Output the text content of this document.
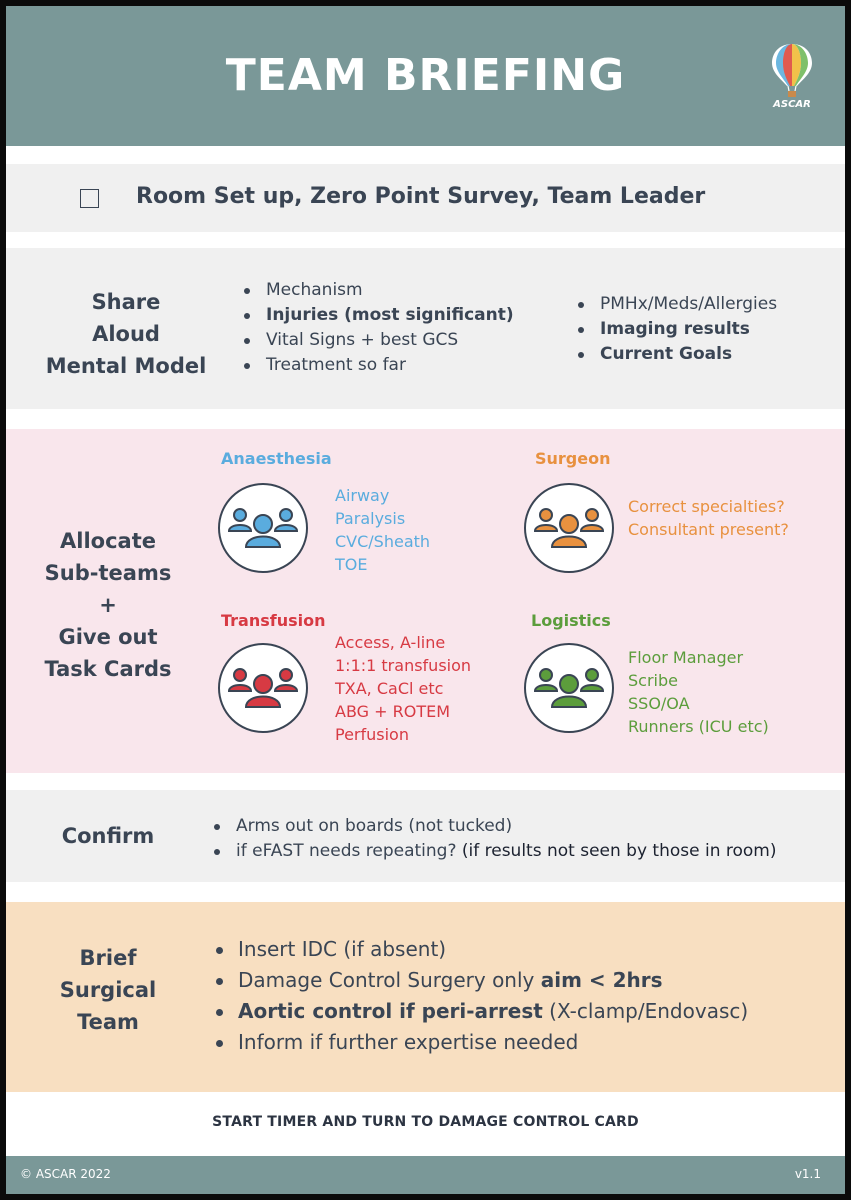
TEAM BRIEFING
ASCAR
Room Set up, Zero Point Survey, Team Leader
Share
Aloud
Mental Model
Mechanism
Injuries (most significant)
Vital Signs + best GCS
Treatment so far
PMHx/Meds/Allergies
Imaging results
Current Goals
Allocate
Sub-teams
+
Give out
Task Cards
Anaesthesia
Airway
Paralysis
CVC/Sheath
TOE
Surgeon
Correct specialties?
Consultant present?
Transfusion
Access, A-line
1:1:1 transfusion
TXA, CaCl etc
ABG + ROTEM
Perfusion
Logistics
Floor Manager
Scribe
SSO/OA
Runners (ICU etc)
Confirm	Arms out on boards (not tucked)
if eFAST needs repeating? (if results not seen by those in room)
Brief
Surgical
Team
Insert IDC (if absent)
Damage Control Surgery only aim < 2hrs
Aortic control if peri-arrest (X-clamp/Endovasc)
Inform if further expertise needed
START TIMER AND TURN TO DAMAGE CONTROL CARD
© ASCAR 2022	v1.1
